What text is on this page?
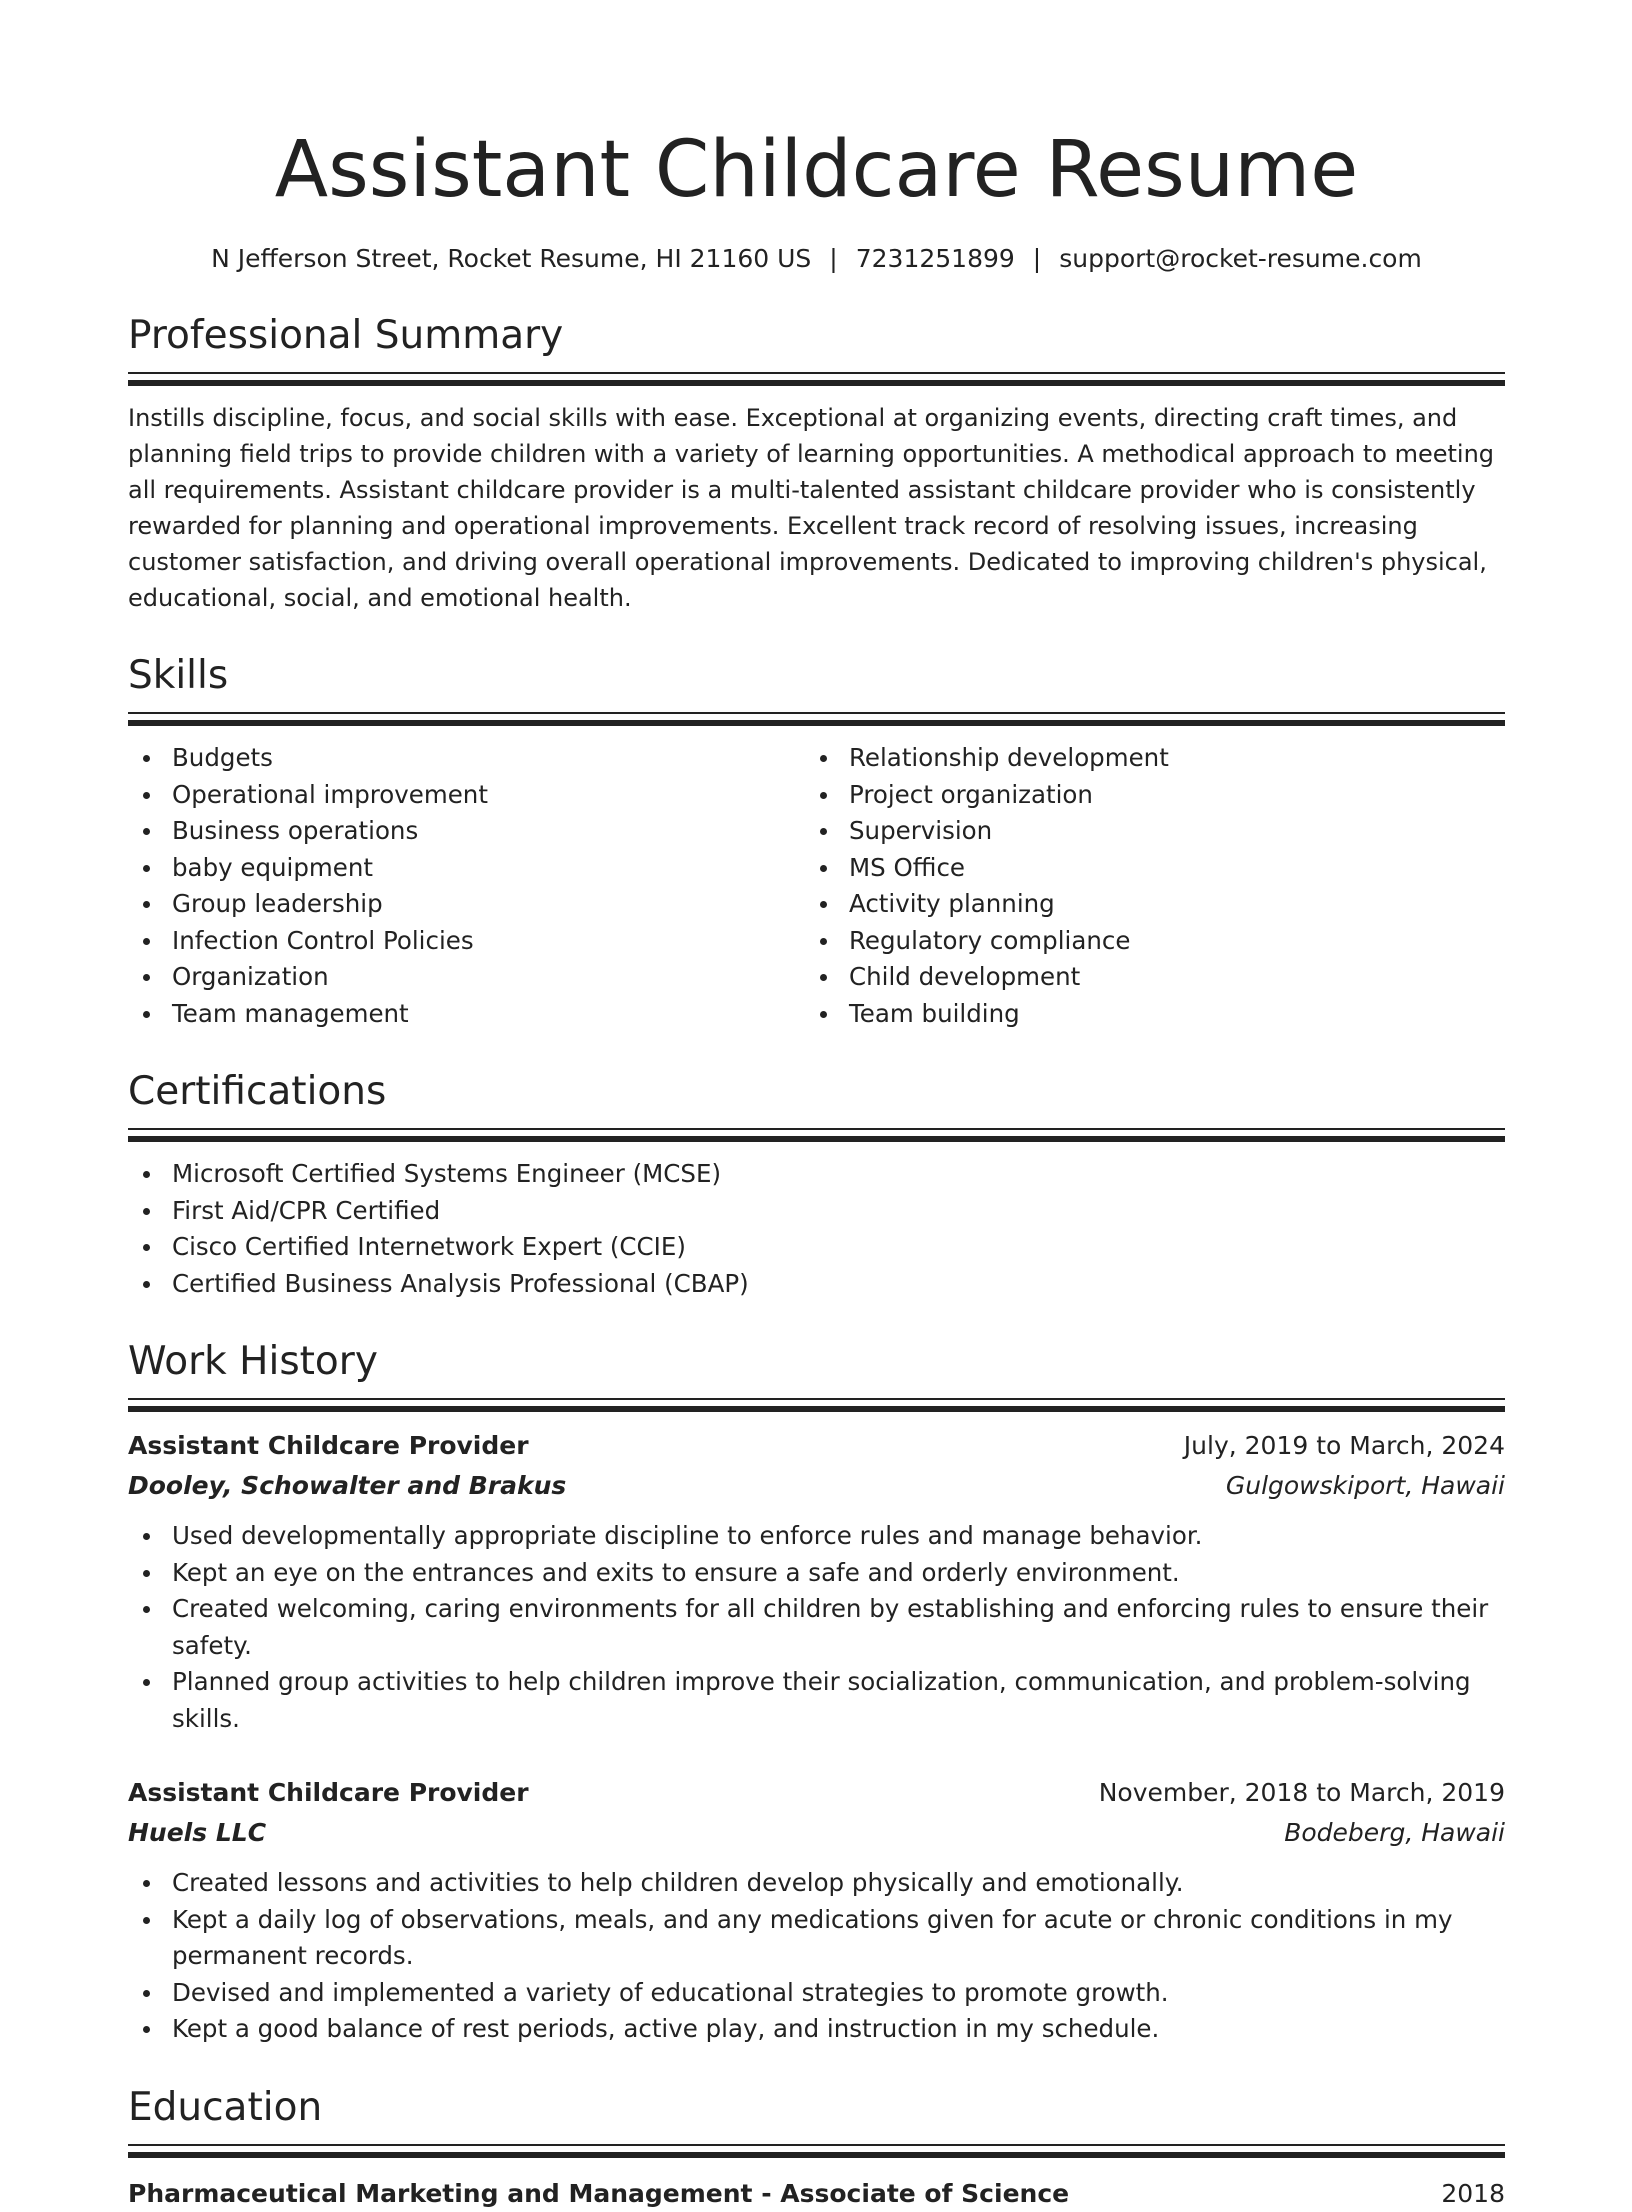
Assistant Childcare Resume
N Jefferson Street, Rocket Resume, HI 21160 US | 7231251899 | support@rocket-resume.com
Professional Summary

Instills discipline, focus, and social skills with ease. Exceptional at organizing events, directing craft times, and planning field trips to provide children with a variety of learning opportunities. A methodical approach to meeting all requirements. Assistant childcare provider is a multi-talented assistant childcare provider who is consistently rewarded for planning and operational improvements. Excellent track record of resolving issues, increasing customer satisfaction, and driving overall operational improvements. Dedicated to improving children's physical, educational, social, and emotional health.

Skills
Budgets
Operational improvement
Business operations
baby equipment
Group leadership
Infection Control Policies
Organization
Team management
Relationship development
Project organization
Supervision
MS Office
Activity planning
Regulatory compliance
Child development
Team building
Certifications
Microsoft Certified Systems Engineer (MCSE)
First Aid/CPR Certified
Cisco Certified Internetwork Expert (CCIE)
Certified Business Analysis Professional (CBAP)
Work History
Assistant Childcare Provider	July, 2019 to March, 2024
Dooley, Schowalter and Brakus	Gulgowskiport, Hawaii
Used developmentally appropriate discipline to enforce rules and manage behavior.
Kept an eye on the entrances and exits to ensure a safe and orderly environment.
Created welcoming, caring environments for all children by establishing and enforcing rules to ensure their safety.
Planned group activities to help children improve their socialization, communication, and problem-solving skills.
Assistant Childcare Provider	November, 2018 to March, 2019
Huels LLC	Bodeberg, Hawaii
Created lessons and activities to help children develop physically and emotionally.
Kept a daily log of observations, meals, and any medications given for acute or chronic conditions in my permanent records.
Devised and implemented a variety of educational strategies to promote growth.
Kept a good balance of rest periods, active play, and instruction in my schedule.
Education
Pharmaceutical Marketing and Management - Associate of Science	2018
